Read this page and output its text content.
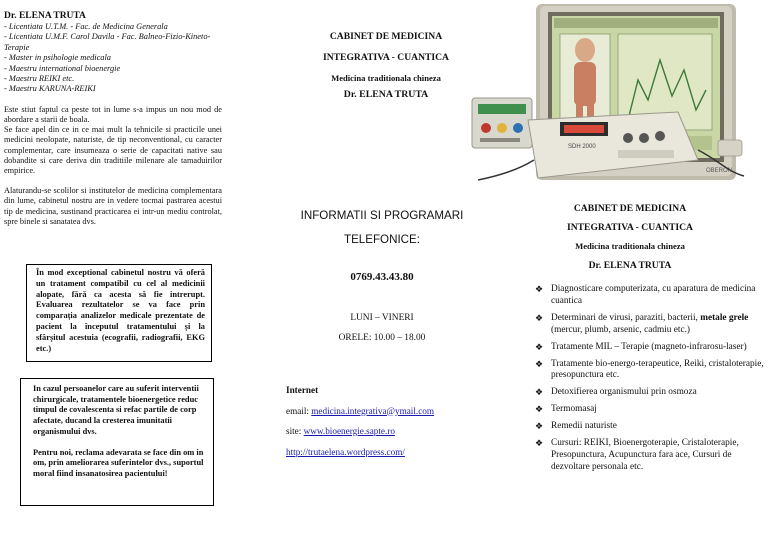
Dr. ELENA TRUTA
- Licentiata U.T.M. - Fac. de Medicina Generala
- Licentiata U.M.F. Carol Davila - Fac. Balneo-Fizio-Kineto-Terapie
- Master in psihologie medicala
- Maestru international bioenergie
- Maestru REIKI etc.
- Maestru KARUNA-REIKI

Este stiut faptul ca peste tot in lume s-a impus un nou mod de abordare a starii de boala.

Se face apel din ce in ce mai mult la tehnicile si practicile unei medicini neolopate, naturiste, de tip neconventional, cu caracter complementar, care insumeaza o serie de capacitati native sau dobandite si care deriva din traditiile milenare ale tamaduirilor empirice.

Alaturandu-se scolilor si institutelor de medicina complementara din lume, cabinetul nostru are in vedere tocmai pastrarea acestui tip de medicina, sustinand practicarea ei intr-un mediu controlat, spre binele si sanatatea dvs.

În mod exceptional cabinetul nostru vă oferă un tratament compatibil cu cel al medicinii alopate, fără ca acesta să fie intrerupt. Evaluarea rezultatelor se va face prin comparația analizelor medicale prezentate de pacient la începutul tratamentului și la sfârșitul acestuia (ecografii, radiografii, EKG etc.)

In cazul persoanelor care au suferit interventii chirurgicale, tratamentele bioenergetice reduc timpul de covalescenta si refac partile de corp afectate, ducand la cresterea imunitatii organismului dvs.

Pentru noi, reclama adevarata se face din om in om, prin ameliorarea suferintelor dvs., suportul moral fiind insanatosirea pacientului!

CABINET DE MEDICINA
INTEGRATIVA - CUANTICA
Medicina traditionala chineza
Dr. ELENA TRUTA
INFORMATII SI PROGRAMARI
TELEFONICE:
0769.43.43.80
LUNI – VINERI
ORELE: 10.00 – 18.00
Internet
email: medicina.integrativa@ymail.com
site: www.bioenergie.sapte.ro
http://trutaelena.wordpress.com/
OBERON
SDH 2000
CABINET DE MEDICINA
INTEGRATIVA - CUANTICA
Medicina traditionala chineza
Dr. ELENA TRUTA
❖ Diagnosticare computerizata, cu aparatura de medicina cuantica
❖ Determinari de virusi, paraziti, bacterii, metale grele (mercur, plumb, arsenic, cadmiu etc.)
❖ Tratamente MIL – Terapie (magneto-infrarosu-laser)
❖ Tratamente bio-energo-terapeutice, Reiki, cristaloterapie, presopunctura etc.
❖ Detoxifierea organismului prin osmoza
❖ Termomasaj
❖ Remedii naturiste
❖ Cursuri: REIKI, Bioenergoterapie, Cristaloterapie, Presopunctura, Acupunctura fara ace, Cursuri de dezvoltare personala etc.
